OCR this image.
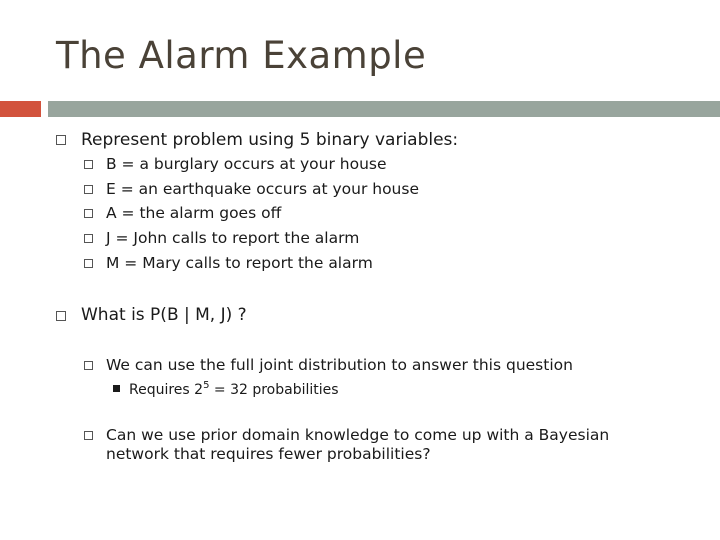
The Alarm Example
Represent problem using 5 binary variables:
B = a burglary occurs at your house
E = an earthquake occurs at your house
A = the alarm goes off
J = John calls to report the alarm
M = Mary calls to report the alarm
What is P(B | M, J) ?
We can use the full joint distribution to answer this question
Requires $2^5 = 32$ probabilities
Can we use prior domain knowledge to come up with a Bayesian
network that requires fewer probabilities?
